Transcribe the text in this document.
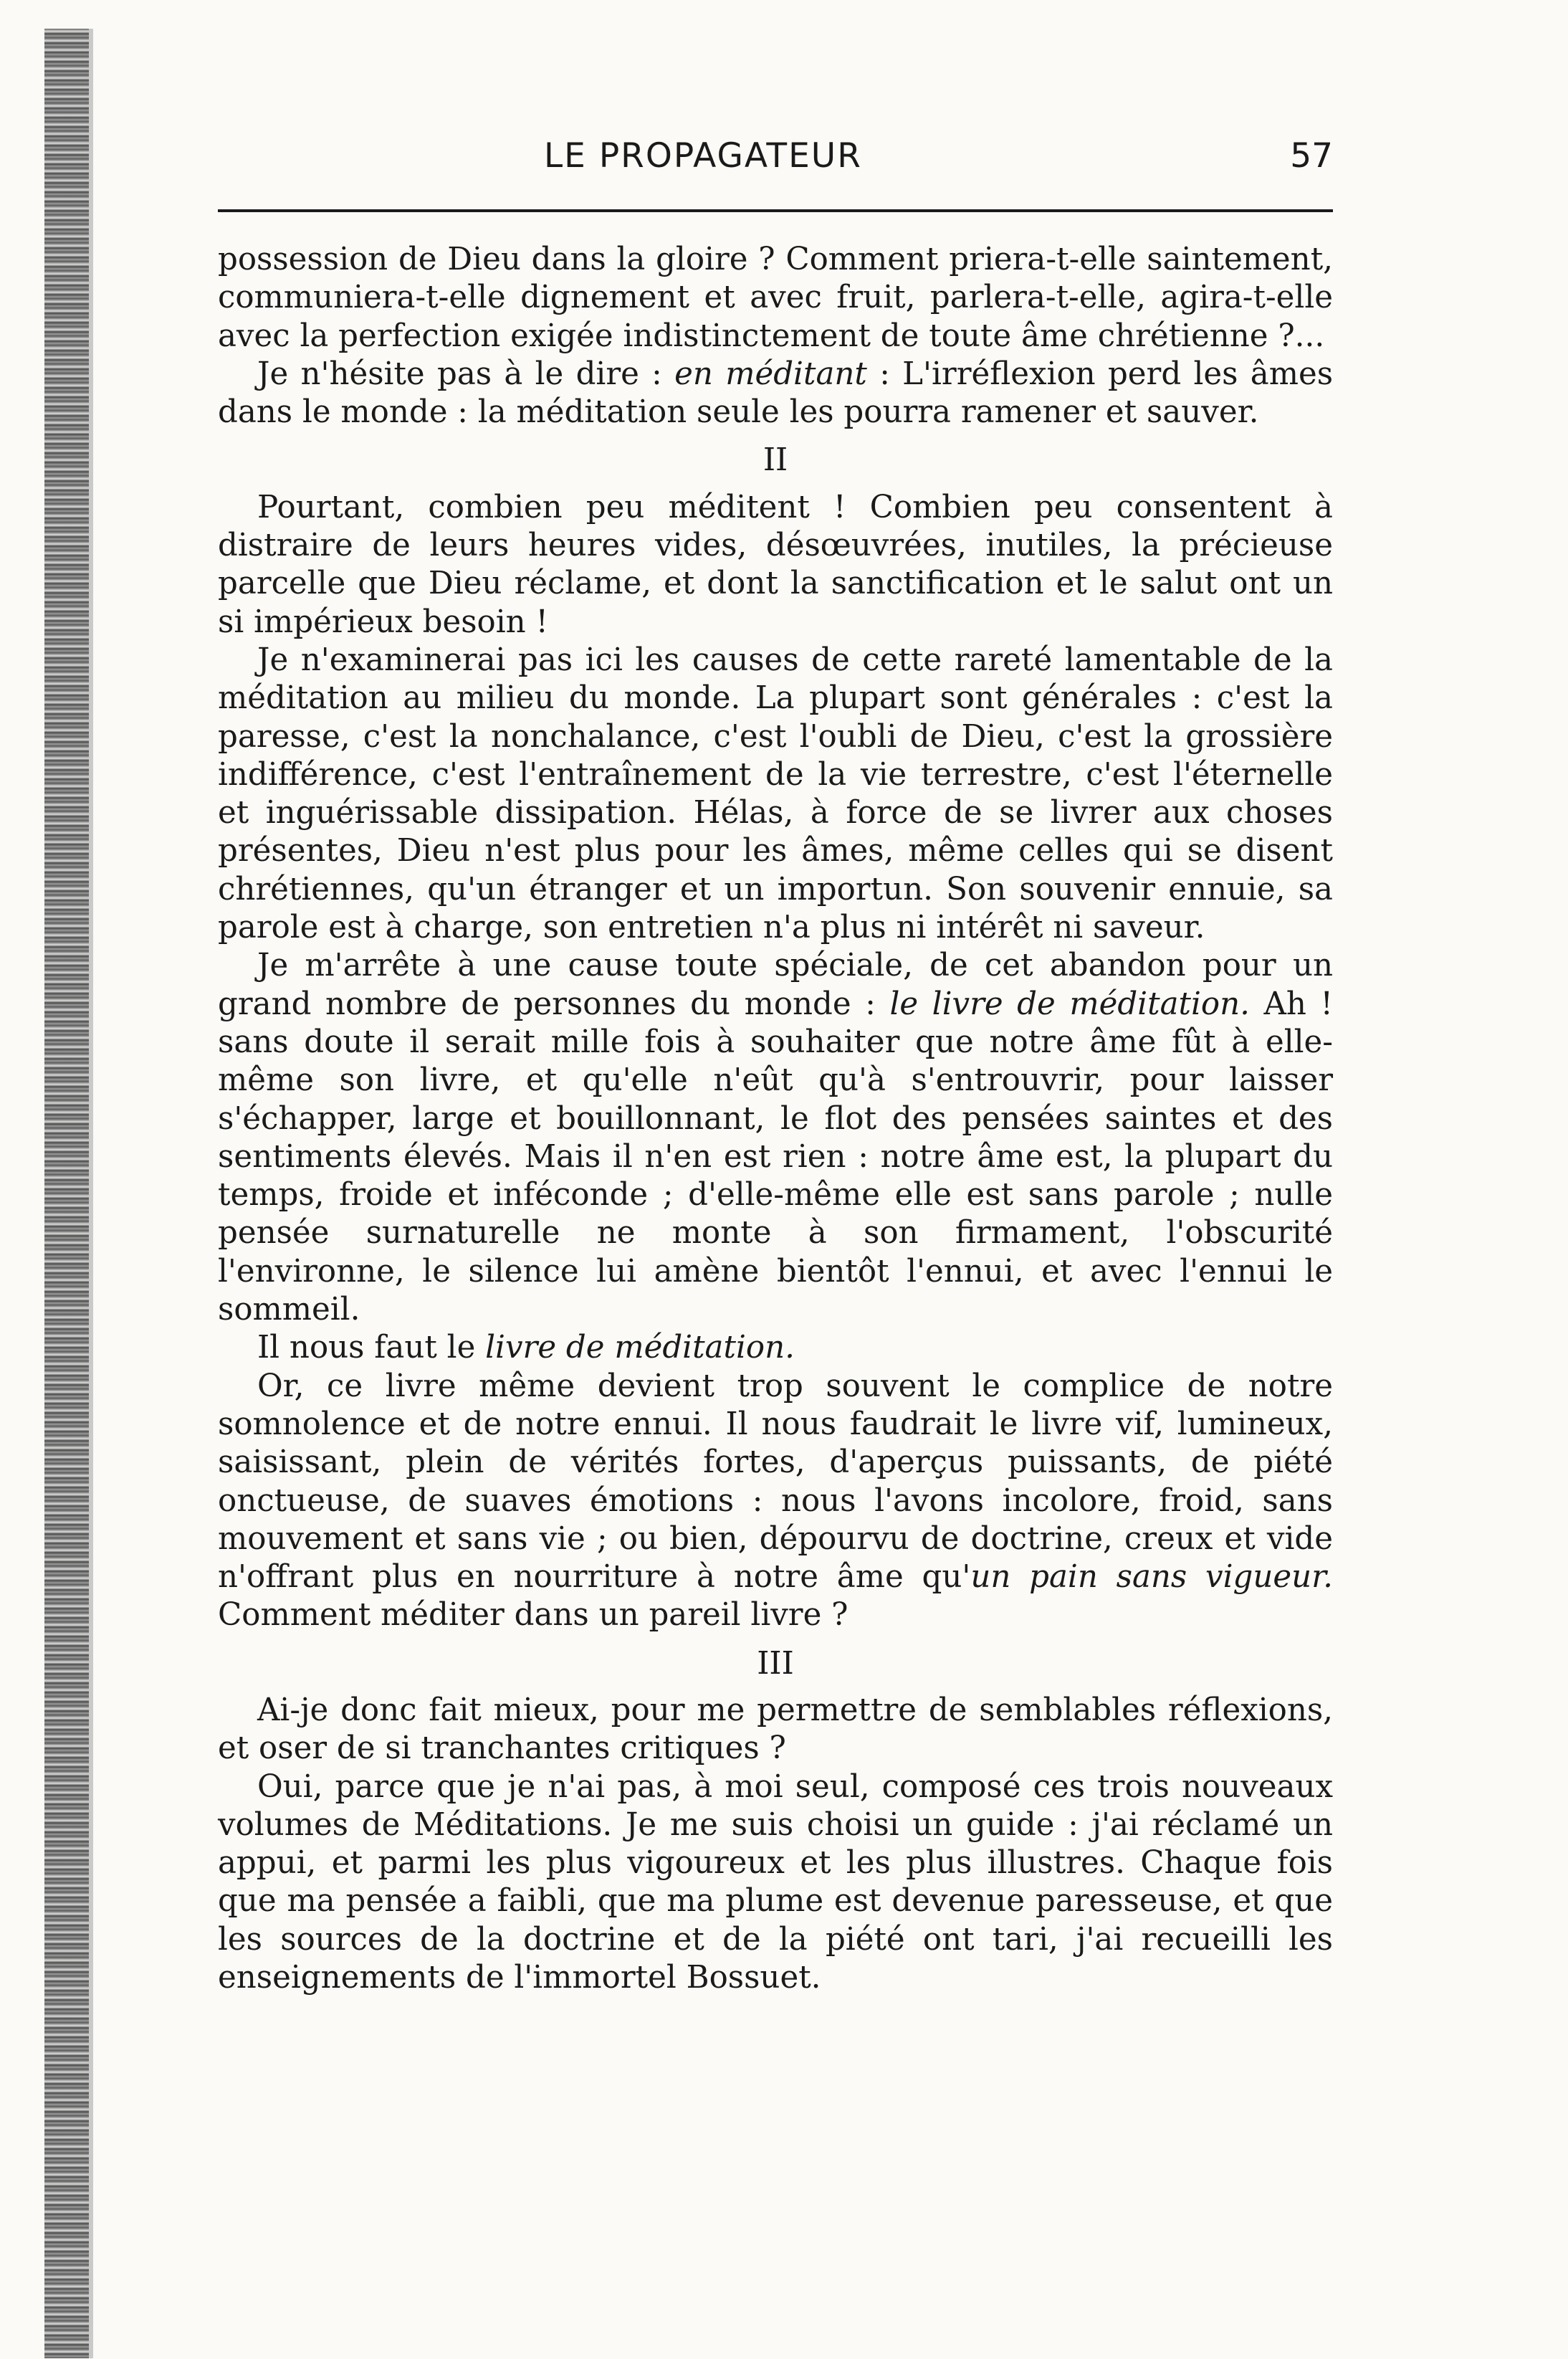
LE PROPAGATEUR	57

possession de Dieu dans la gloire ? Comment priera-t-elle saintement, communiera-t-elle dignement et avec fruit, parlera-t-elle, agira-t-elle avec la perfection exigée indistinctement de toute âme chrétienne ?...

Je n'hésite pas à le dire : en méditant : L'irréflexion perd les âmes dans le monde : la méditation seule les pourra ramener et sauver.

II

Pourtant, combien peu méditent ! Combien peu consentent à distraire de leurs heures vides, désœuvrées, inutiles, la précieuse parcelle que Dieu réclame, et dont la sanctification et le salut ont un si impérieux besoin !

Je n'examinerai pas ici les causes de cette rareté lamentable de la méditation au milieu du monde. La plupart sont générales : c'est la paresse, c'est la nonchalance, c'est l'oubli de Dieu, c'est la grossière indifférence, c'est l'entraînement de la vie terrestre, c'est l'éternelle et inguérissable dissipation. Hélas, à force de se livrer aux choses présentes, Dieu n'est plus pour les âmes, même celles qui se disent chrétiennes, qu'un étranger et un importun. Son souvenir ennuie, sa parole est à charge, son entretien n'a plus ni intérêt ni saveur.

Je m'arrête à une cause toute spéciale, de cet abandon pour un grand nombre de personnes du monde : le livre de méditation. Ah ! sans doute il serait mille fois à souhaiter que notre âme fût à elle-même son livre, et qu'elle n'eût qu'à s'entrouvrir, pour laisser s'échapper, large et bouillonnant, le flot des pensées saintes et des sentiments élevés. Mais il n'en est rien : notre âme est, la plupart du temps, froide et inféconde ; d'elle-même elle est sans parole ; nulle pensée surnaturelle ne monte à son firmament, l'obscurité l'environne, le silence lui amène bientôt l'ennui, et avec l'ennui le sommeil.

Il nous faut le livre de méditation.

Or, ce livre même devient trop souvent le complice de notre somnolence et de notre ennui. Il nous faudrait le livre vif, lumineux, saisissant, plein de vérités fortes, d'aperçus puissants, de piété onctueuse, de suaves émotions : nous l'avons incolore, froid, sans mouvement et sans vie ; ou bien, dépourvu de doctrine, creux et vide n'offrant plus en nourriture à notre âme qu'un pain sans vigueur. Comment méditer dans un pareil livre ?

III

Ai-je donc fait mieux, pour me permettre de semblables réflexions, et oser de si tranchantes critiques ?

Oui, parce que je n'ai pas, à moi seul, composé ces trois nouveaux volumes de Méditations. Je me suis choisi un guide : j'ai réclamé un appui, et parmi les plus vigoureux et les plus illustres. Chaque fois que ma pensée a faibli, que ma plume est devenue paresseuse, et que les sources de la doctrine et de la piété ont tari, j'ai recueilli les enseignements de l'immortel Bossuet.
